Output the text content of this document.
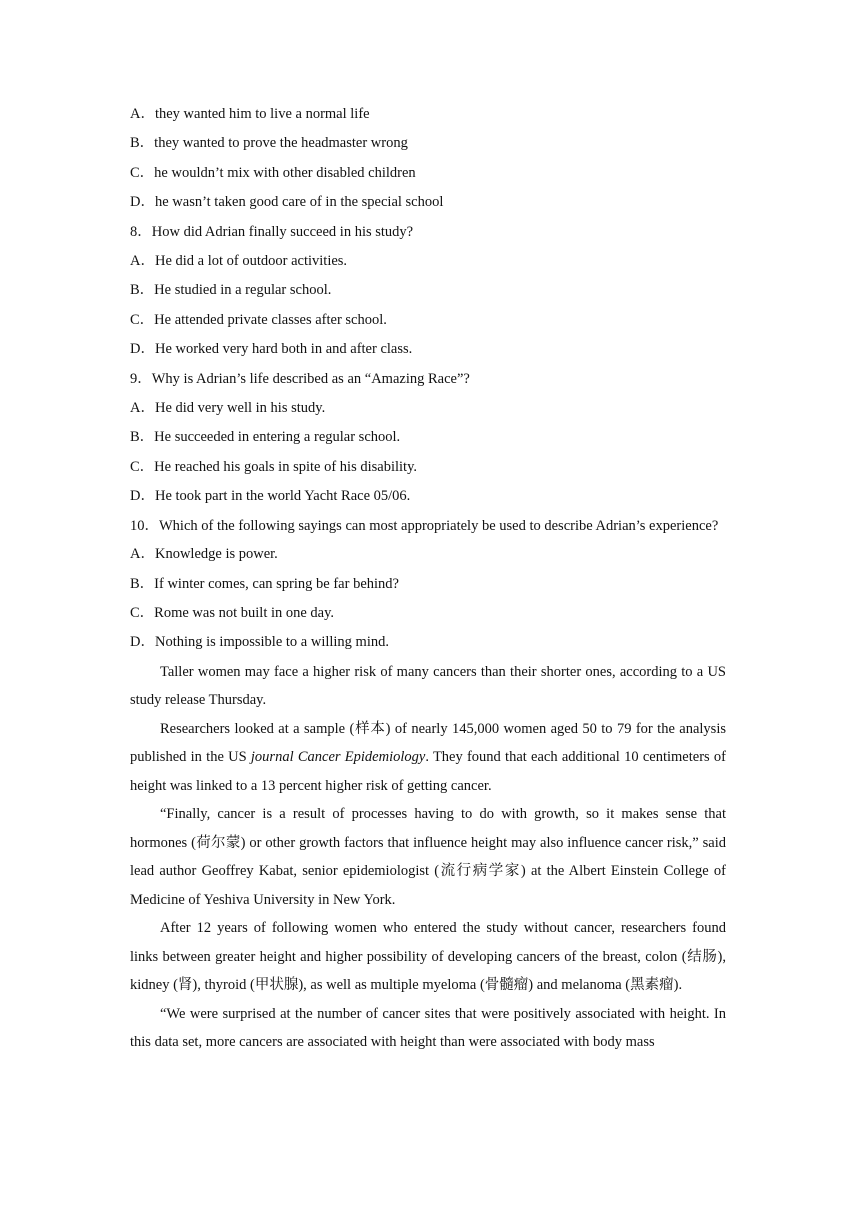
A．they wanted him to live a normal life
B．they wanted to prove the headmaster wrong
C．he wouldn’t mix with other disabled children
D．he wasn’t taken good care of in the special school
8．How did Adrian finally succeed in his study?
A．He did a lot of outdoor activities.
B．He studied in a regular school.
C．He attended private classes after school.
D．He worked very hard both in and after class.
9．Why is Adrian’s life described as an “Amazing Race”?
A．He did very well in his study.
B．He succeeded in entering a regular school.
C．He reached his goals in spite of his disability.
D．He took part in the world Yacht Race 05/06.
10．Which of the following sayings can most appropriately be used to describe Adrian’s experience?
A．Knowledge is power.
B．If winter comes, can spring be far behind?
C．Rome was not built in one day.
D．Nothing is impossible to a willing mind.

Taller women may face a higher risk of many cancers than their shorter ones, according to a US study release Thursday.

Researchers looked at a sample (样本) of nearly 145,000 women aged 50 to 79 for the analysis published in the US journal Cancer Epidemiology. They found that each additional 10 centimeters of height was linked to a 13 percent higher risk of getting cancer.

“Finally, cancer is a result of processes having to do with growth, so it makes sense that hormones (荷尔蒙) or other growth factors that influence height may also influence cancer risk,” said lead author Geoffrey Kabat, senior epidemiologist (流行病学家) at the Albert Einstein College of Medicine of Yeshiva University in New York.

After 12 years of following women who entered the study without cancer, researchers found links between greater height and higher possibility of developing cancers of the breast, colon (结肠), kidney (肾), thyroid (甲状腺), as well as multiple myeloma (骨髓瘤) and melanoma (黑素瘤).

“We were surprised at the number of cancer sites that were positively associated with height. In this data set, more cancers are associated with height than were associated with body mass
